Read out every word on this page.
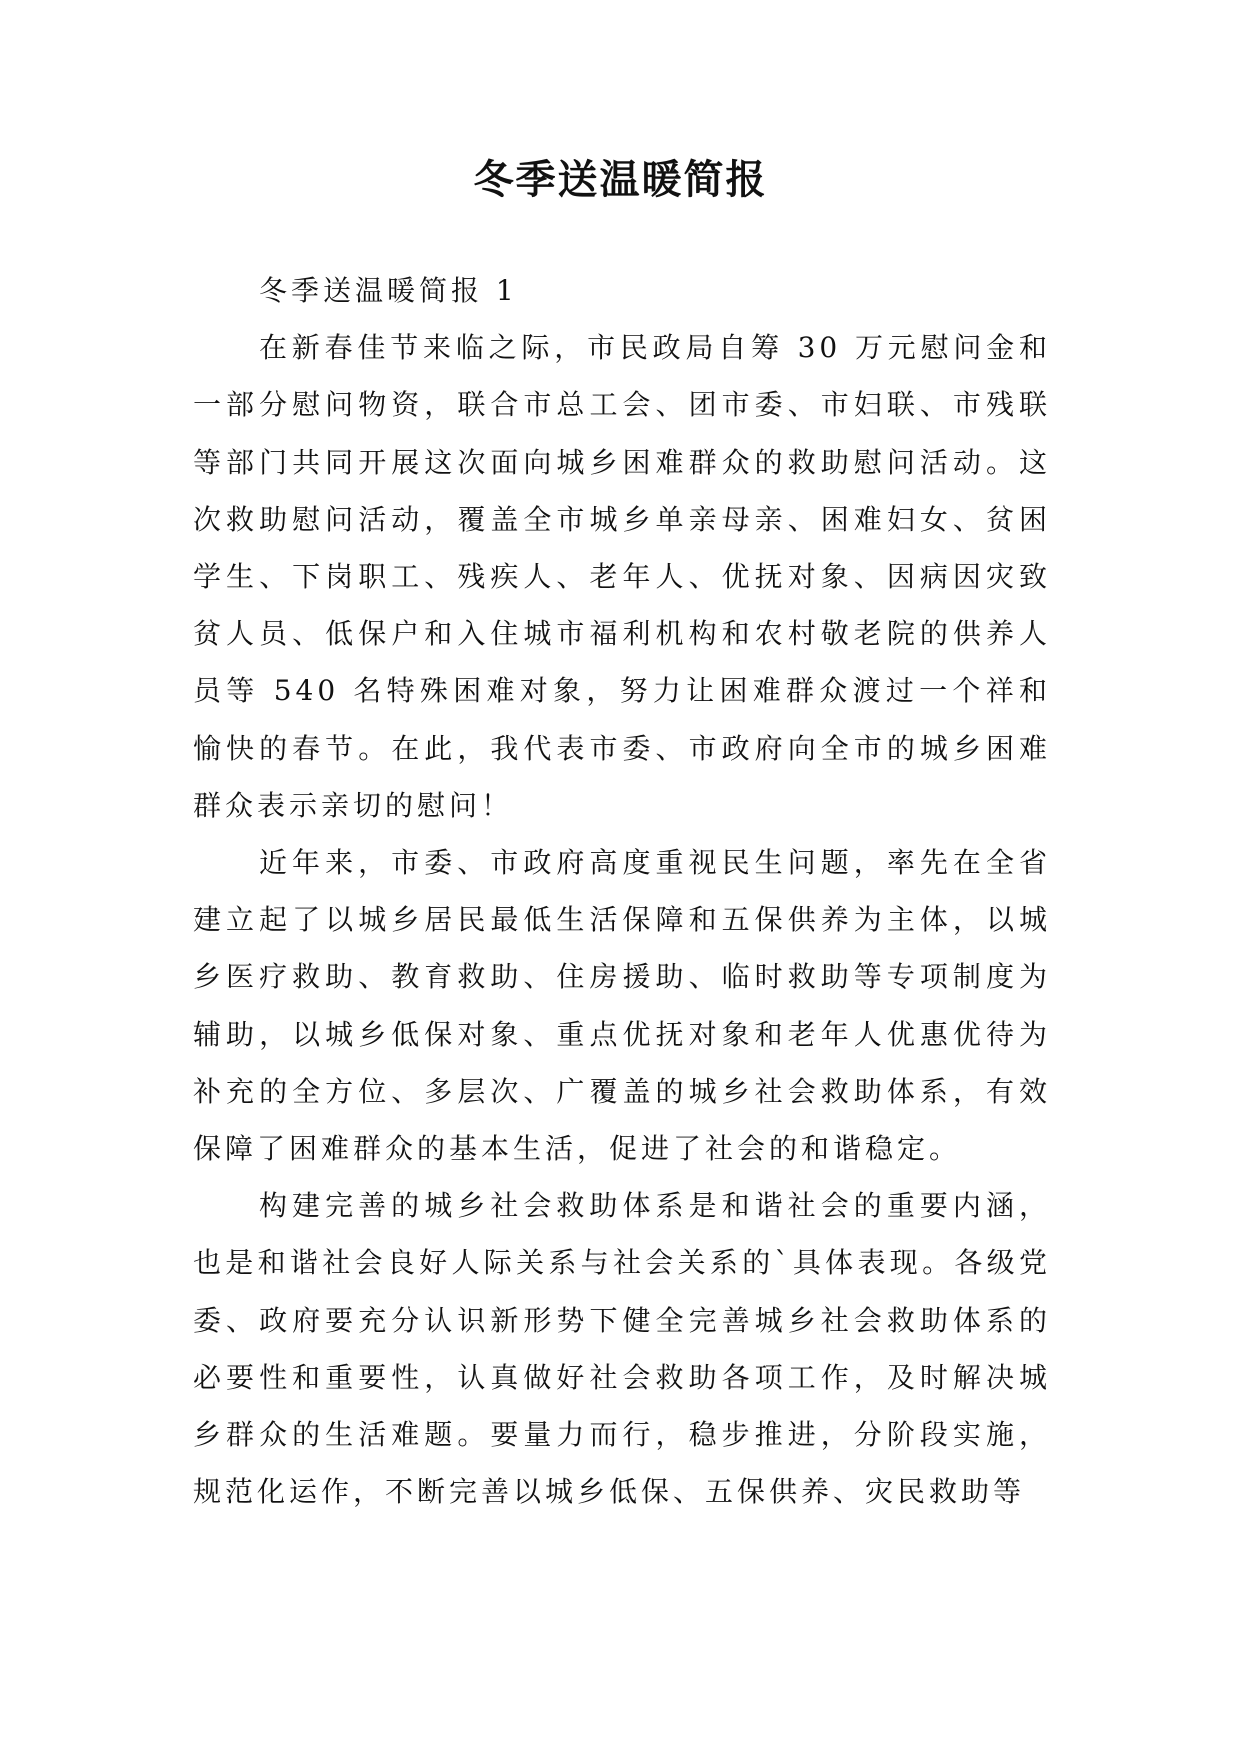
冬季送温暖简报

冬季送温暖简报 1

在新春佳节来临之际，市民政局自筹 30 万元慰问金和一部分慰问物资，联合市总工会、团市委、市妇联、市残联等部门共同开展这次面向城乡困难群众的救助慰问活动。这次救助慰问活动，覆盖全市城乡单亲母亲、困难妇女、贫困学生、下岗职工、残疾人、老年人、优抚对象、因病因灾致贫人员、低保户和入住城市福利机构和农村敬老院的供养人员等 540 名特殊困难对象，努力让困难群众渡过一个祥和愉快的春节。在此，我代表市委、市政府向全市的城乡困难群众表示亲切的慰问！

近年来，市委、市政府高度重视民生问题，率先在全省建立起了以城乡居民最低生活保障和五保供养为主体，以城乡医疗救助、教育救助、住房援助、临时救助等专项制度为辅助，以城乡低保对象、重点优抚对象和老年人优惠优待为补充的全方位、多层次、广覆盖的城乡社会救助体系，有效保障了困难群众的基本生活，促进了社会的和谐稳定。

构建完善的城乡社会救助体系是和谐社会的重要内涵，也是和谐社会良好人际关系与社会关系的`具体表现。各级党委、政府要充分认识新形势下健全完善城乡社会救助体系的必要性和重要性，认真做好社会救助各项工作，及时解决城乡群众的生活难题。要量力而行，稳步推进，分阶段实施，规范化运作，不断完善以城乡低保、五保供养、灾民救助等
